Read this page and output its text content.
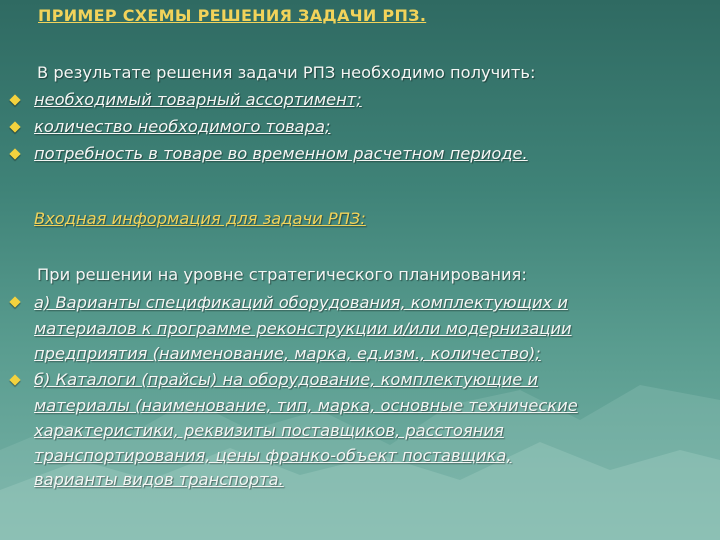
ПРИМЕР СХЕМЫ РЕШЕНИЯ ЗАДАЧИ РПЗ.
В результате решения задачи РПЗ необходимо получить:
необходимый товарный ассортимент;
количество необходимого товара;
потребность в товаре во временном расчетном периоде.
Входная информация для задачи РПЗ:
При решении на уровне стратегического планирования:
а) Варианты спецификаций оборудования, комплектующих и
материалов к программе реконструкции и/или модернизации
предприятия (наименование, марка, ед.изм., количество);
б) Каталоги (прайсы) на оборудование, комплектующие и
материалы (наименование, тип, марка, основные технические
характеристики, реквизиты поставщиков, расстояния
транспортирования, цены франко-объект поставщика,
варианты видов транспорта.
